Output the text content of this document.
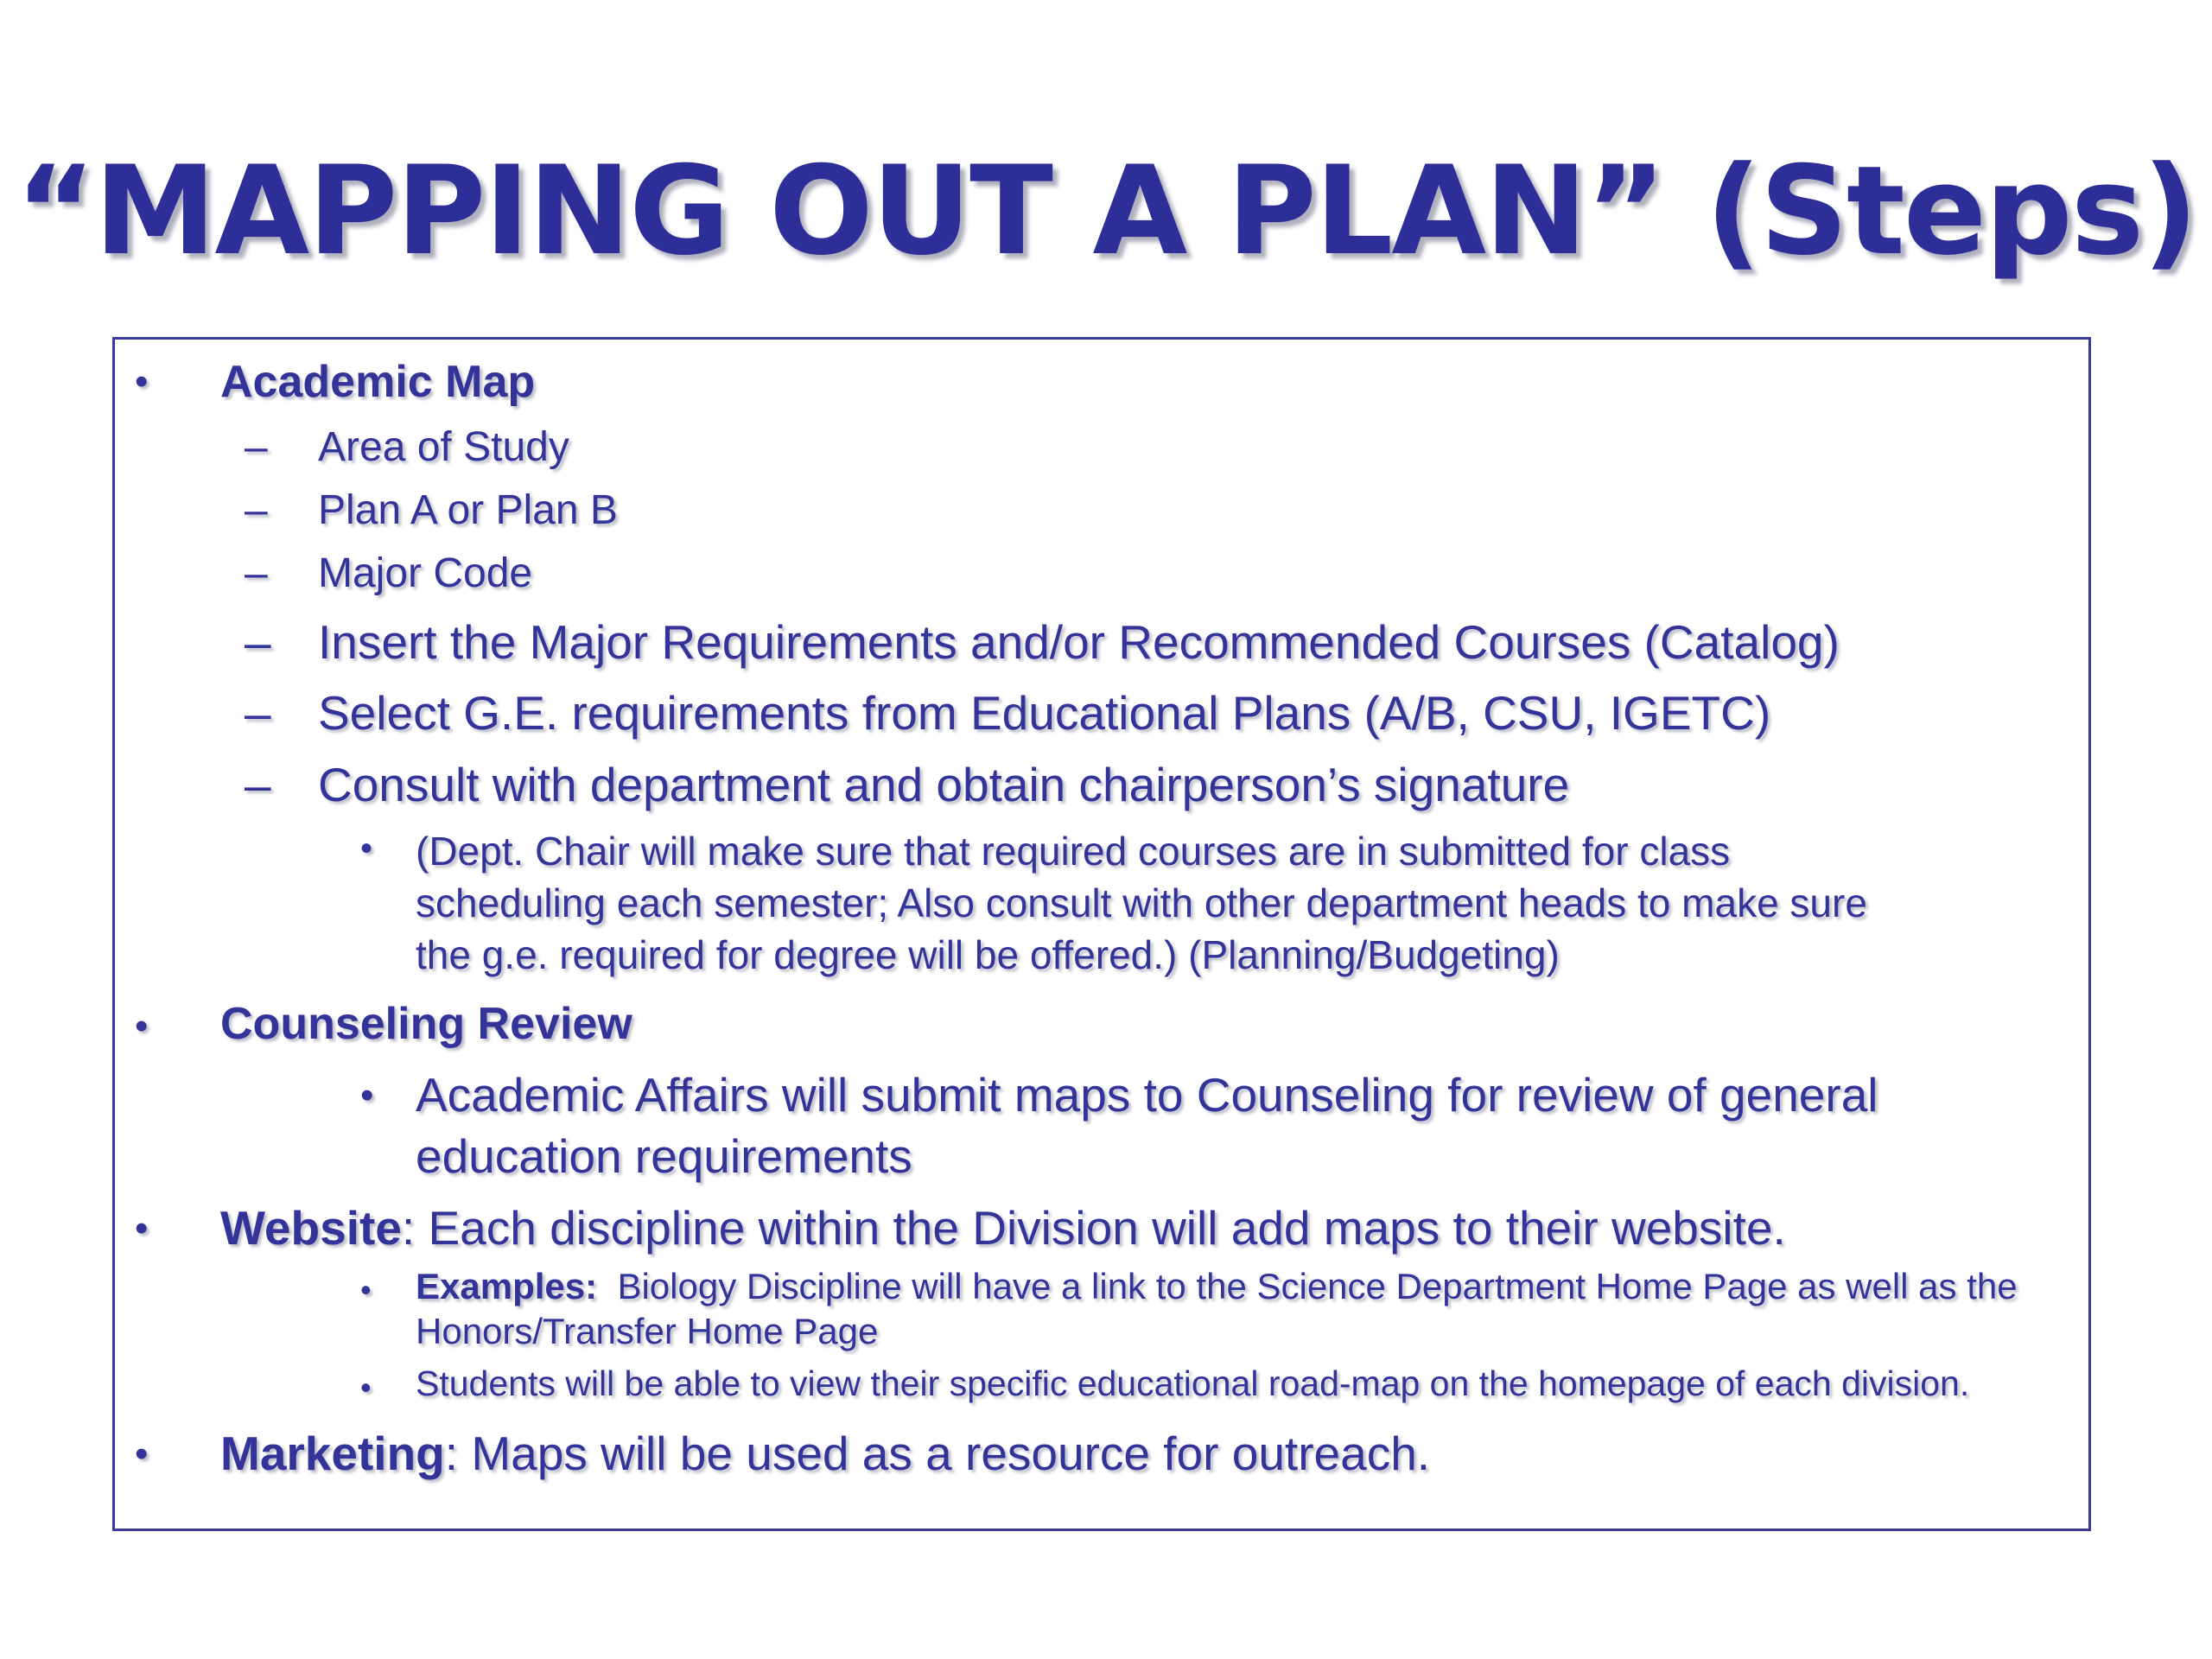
“MAPPING OUT A PLAN” (Steps)
• Academic Map
– Area of Study
– Plan A or Plan B
– Major Code
– Insert the Major Requirements and/or Recommended Courses (Catalog)
– Select G.E. requirements from Educational Plans (A/B, CSU, IGETC)
– Consult with department and obtain chairperson’s signature
• (Dept. Chair will make sure that required courses are in submitted for class
scheduling each semester; Also consult with other department heads to make sure
the g.e. required for degree will be offered.) (Planning/Budgeting)
• Counseling Review
• Academic Affairs will submit maps to Counseling for review of general
education requirements
• Website: Each discipline within the Division will add maps to their website.
• Examples:  Biology Discipline will have a link to the Science Department Home Page as well as the
Honors/Transfer Home Page
• Students will be able to view their specific educational road-map on the homepage of each division.
• Marketing: Maps will be used as a resource for outreach.
